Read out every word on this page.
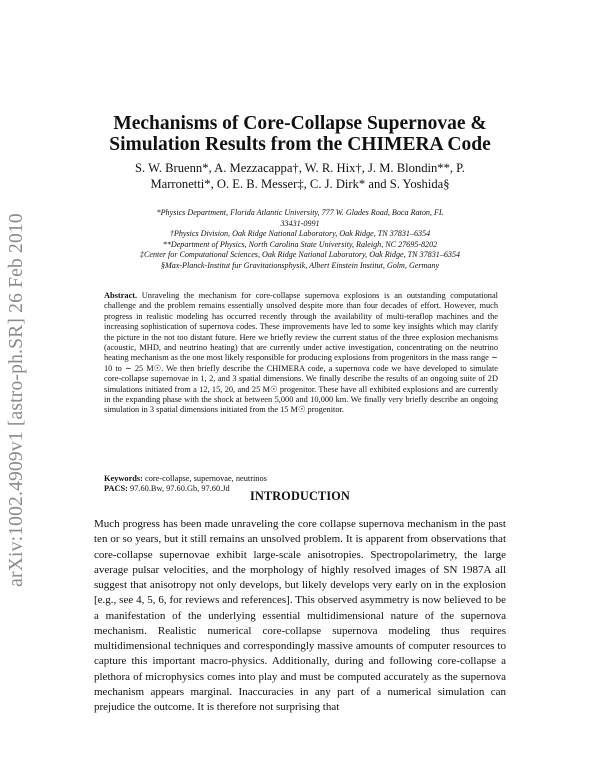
arXiv:1002.4909v1 [astro-ph.SR] 26 Feb 2010
Mechanisms of Core-Collapse Supernovae &
Simulation Results from the CHIMERA Code
S. W. Bruenn*, A. Mezzacappa†, W. R. Hix†, J. M. Blondin**, P.
Marronetti*, O. E. B. Messer‡, C. J. Dirk* and S. Yoshida§
*Physics Department, Florida Atlantic University, 777 W. Glades Road, Boca Raton, FL
33431-0991
†Physics Division, Oak Ridge National Laboratory, Oak Ridge, TN 37831–6354
**Department of Physics, North Carolina State University, Raleigh, NC 27695-8202
‡Center for Computational Sciences, Oak Ridge National Laboratory, Oak Ridge, TN 37831–6354
§Max-Planck-Institut fur Gravitationsphysik, Albert Einstein Institut, Golm, Germany

Abstract. Unraveling the mechanism for core-collapse supernova explosions is an outstanding computational challenge and the problem remains essentially unsolved despite more than four decades of effort. However, much progress in realistic modeling has occurred recently through the availability of multi-teraflop machines and the increasing sophistication of supernova codes. These improvements have led to some key insights which may clarify the picture in the not too distant future. Here we briefly review the current status of the three explosion mechanisms (acoustic, MHD, and neutrino heating) that are currently under active investigation, concentrating on the neutrino heating mechanism as the one most likely responsible for producing explosions from progenitors in the mass range ∼ 10 to ∼ 25 M☉. We then briefly describe the CHIMERA code, a supernova code we have developed to simulate core-collapse supernovae in 1, 2, and 3 spatial dimensions. We finally describe the results of an ongoing suite of 2D simulations initiated from a 12, 15, 20, and 25 M☉ progenitor. These have all exhibited explosions and are currently in the expanding phase with the shock at between 5,000 and 10,000 km. We finally very briefly describe an ongoing simulation in 3 spatial dimensions initiated from the 15 M☉ progenitor.

Keywords: core-collapse, supernovae, neutrinos
PACS: 97.60.Bw, 97.60.Gb, 97.60.Jd
INTRODUCTION

Much progress has been made unraveling the core collapse supernova mechanism in the past ten or so years, but it still remains an unsolved problem. It is apparent from observations that core-collapse supernovae exhibit large-scale anisotropies. Spectropolarimetry, the large average pulsar velocities, and the morphology of highly resolved images of SN 1987A all suggest that anisotropy not only develops, but likely develops very early on in the explosion [e.g., see 4, 5, 6, for reviews and references]. This observed asymmetry is now believed to be a manifestation of the underlying essential multidimensional nature of the supernova mechanism. Realistic numerical core-collapse supernova modeling thus requires multidimensional techniques and correspondingly massive amounts of computer resources to capture this important macro-physics. Additionally, during and following core-collapse a plethora of microphysics comes into play and must be computed accurately as the supernova mechanism appears marginal. Inaccuracies in any part of a numerical simulation can prejudice the outcome. It is therefore not surprising that
